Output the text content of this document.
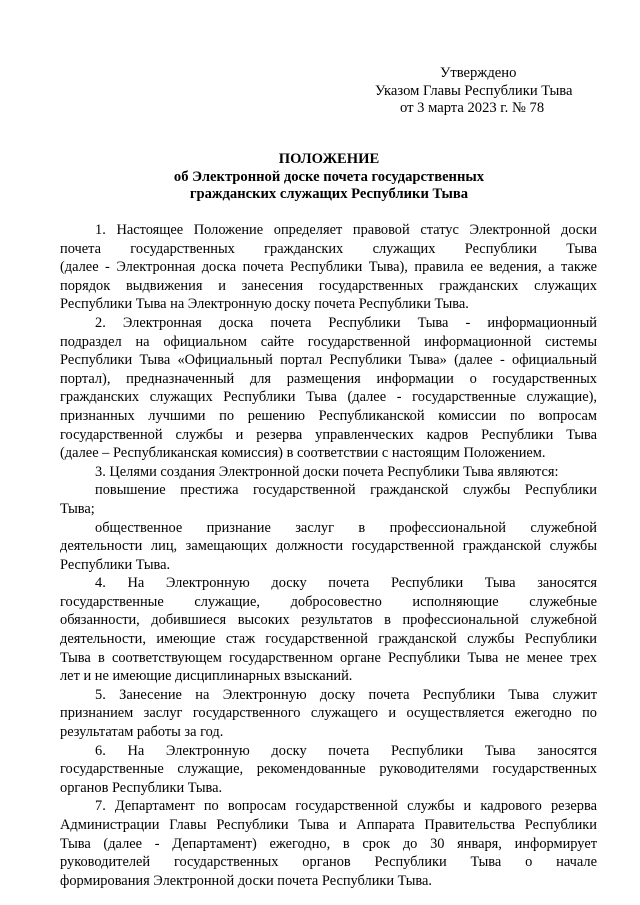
Утверждено
Указом Главы Республики Тыва
от 3 марта 2023 г. № 78
ПОЛОЖЕНИЕ
об Электронной доске почета государственных
гражданских служащих Республики Тыва
1. Настоящее Положение определяет правовой статус Электронной доски
почета государственных гражданских служащих Республики Тыва
(далее - Электронная доска почета Республики Тыва), правила ее ведения, а также
порядок выдвижения и занесения государственных гражданских служащих
Республики Тыва на Электронную доску почета Республики Тыва.
2. Электронная доска почета Республики Тыва - информационный
подраздел на официальном сайте государственной информационной системы
Республики Тыва «Официальный портал Республики Тыва» (далее - официальный
портал), предназначенный для размещения информации о государственных
гражданских служащих Республики Тыва (далее - государственные служащие),
признанных лучшими по решению Республиканской комиссии по вопросам
государственной службы и резерва управленческих кадров Республики Тыва
(далее – Республиканская комиссия) в соответствии с настоящим Положением.
3. Целями создания Электронной доски почета Республики Тыва являются:
повышение престижа государственной гражданской службы Республики
Тыва;
общественное признание заслуг в профессиональной служебной
деятельности лиц, замещающих должности государственной гражданской службы
Республики Тыва.
4. На Электронную доску почета Республики Тыва заносятся
государственные служащие, добросовестно исполняющие служебные
обязанности, добившиеся высоких результатов в профессиональной служебной
деятельности, имеющие стаж государственной гражданской службы Республики
Тыва в соответствующем государственном органе Республики Тыва не менее трех
лет и не имеющие дисциплинарных взысканий.
5. Занесение на Электронную доску почета Республики Тыва служит
признанием заслуг государственного служащего и осуществляется ежегодно по
результатам работы за год.
6. На Электронную доску почета Республики Тыва заносятся
государственные служащие, рекомендованные руководителями государственных
органов Республики Тыва.
7. Департамент по вопросам государственной службы и кадрового резерва
Администрации Главы Республики Тыва и Аппарата Правительства Республики
Тыва (далее - Департамент) ежегодно, в срок до 30 января, информирует
руководителей государственных органов Республики Тыва о начале
формирования Электронной доски почета Республики Тыва.
